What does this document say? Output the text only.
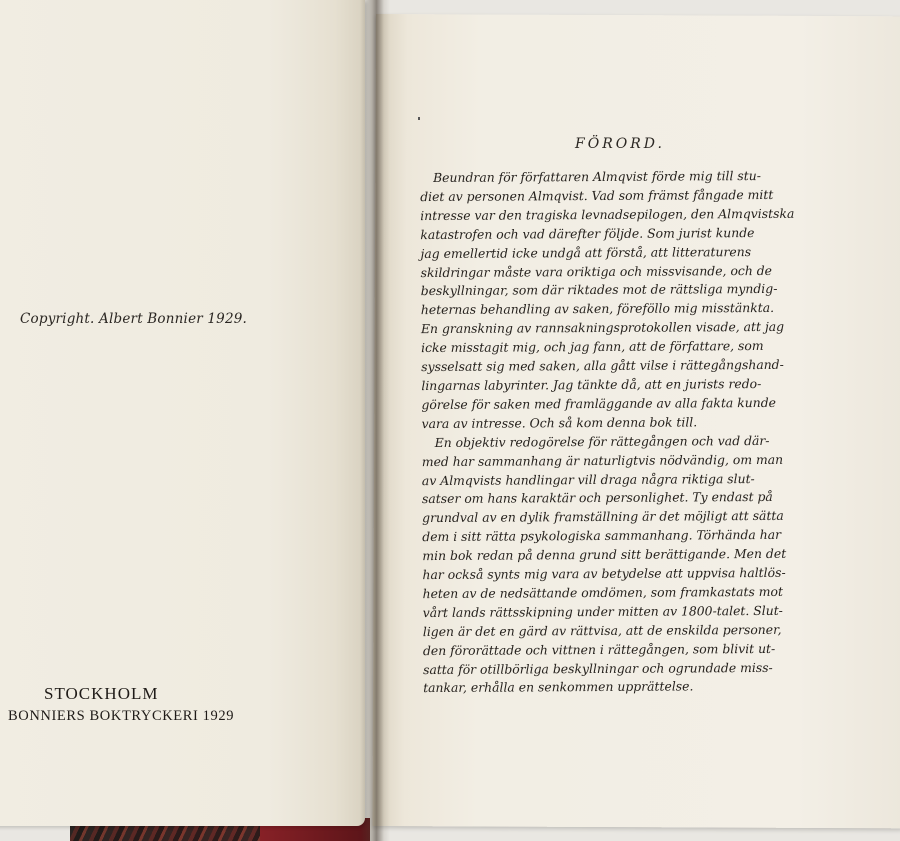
Copyright. Albert Bonnier 1929.
STOCKHOLM
BONNIERS BOKTRYCKERI 1929
FÖRORD.
Beundran för författaren Almqvist förde mig till stu-
diet av personen Almqvist. Vad som främst fångade mitt
intresse var den tragiska levnadsepilogen, den Almqvistska
katastrofen och vad därefter följde. Som jurist kunde
jag emellertid icke undgå att förstå, att litteraturens
skildringar måste vara oriktiga och missvisande, och de
beskyllningar, som där riktades mot de rättsliga myndig-
heternas behandling av saken, föreföllo mig misstänkta.
En granskning av rannsakningsprotokollen visade, att jag
icke misstagit mig, och jag fann, att de författare, som
sysselsatt sig med saken, alla gått vilse i rättegångshand-
lingarnas labyrinter. Jag tänkte då, att en jurists redo-
görelse för saken med framläggande av alla fakta kunde
vara av intresse. Och så kom denna bok till.
En objektiv redogörelse för rättegången och vad där-
med har sammanhang är naturligtvis nödvändig, om man
av Almqvists handlingar vill draga några riktiga slut-
satser om hans karaktär och personlighet. Ty endast på
grundval av en dylik framställning är det möjligt att sätta
dem i sitt rätta psykologiska sammanhang. Törhända har
min bok redan på denna grund sitt berättigande. Men det
har också synts mig vara av betydelse att uppvisa haltlös-
heten av de nedsättande omdömen, som framkastats mot
vårt lands rättsskipning under mitten av 1800-talet. Slut-
ligen är det en gärd av rättvisa, att de enskilda personer,
den förorättade och vittnen i rättegången, som blivit ut-
satta för otillbörliga beskyllningar och ogrundade miss-
tankar, erhålla en senkommen upprättelse.
